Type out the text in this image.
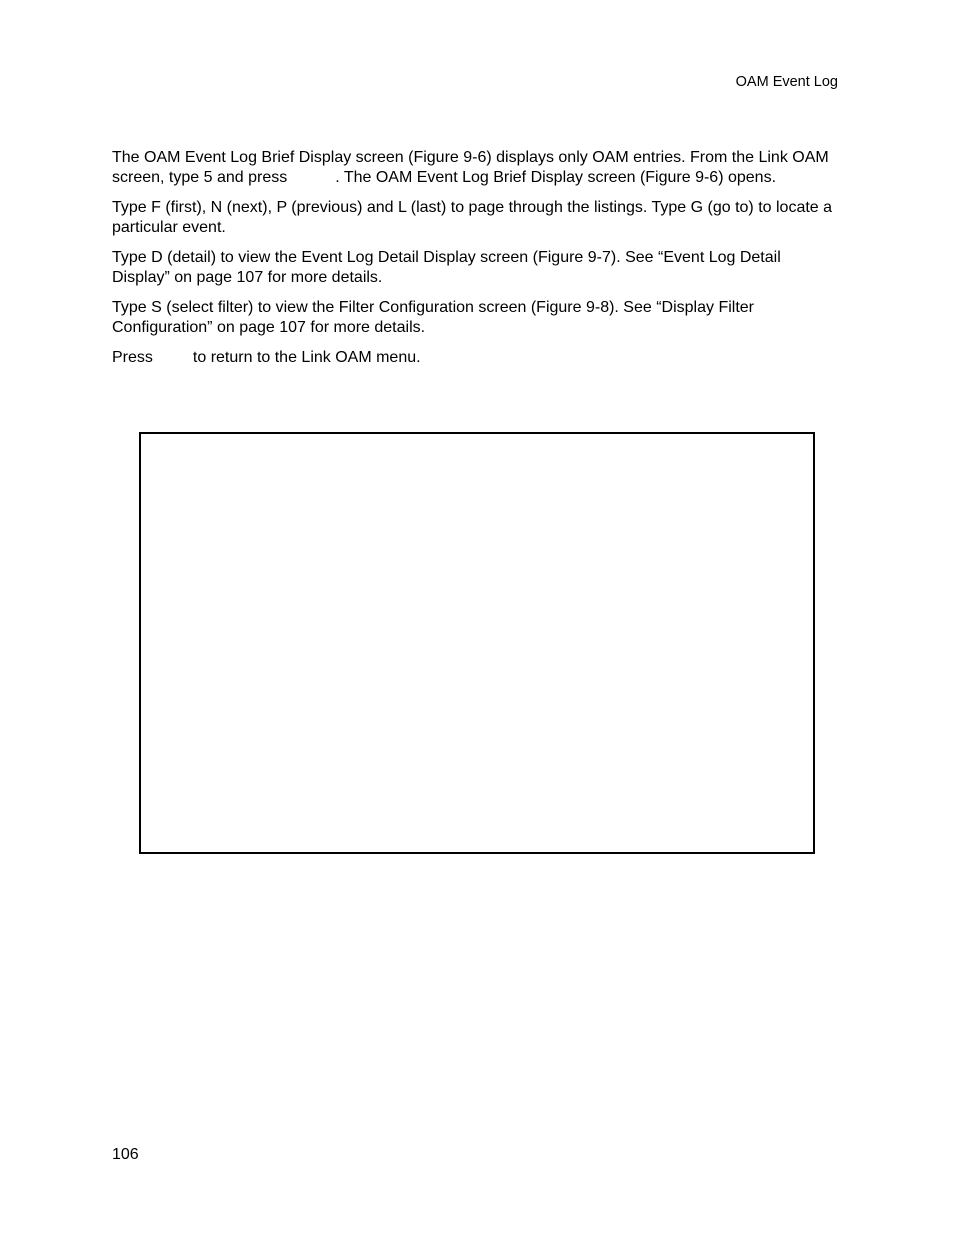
OAM Event Log

The OAM Event Log Brief Display screen (Figure 9-6) displays only OAM entries. From the Link OAM screen, type 5 and press	. The OAM Event Log Brief Display screen (Figure 9-6) opens.

Type F (first), N (next), P (previous) and L (last) to page through the listings. Type G (go to) to locate a particular event.

Type D (detail) to view the Event Log Detail Display screen (Figure 9-7). See “Event Log Detail Display” on page 107 for more details.

Type S (select filter) to view the Filter Configuration screen (Figure 9-8). See “Display Filter Configuration” on page 107 for more details.

Press	to return to the Link OAM menu.

106
